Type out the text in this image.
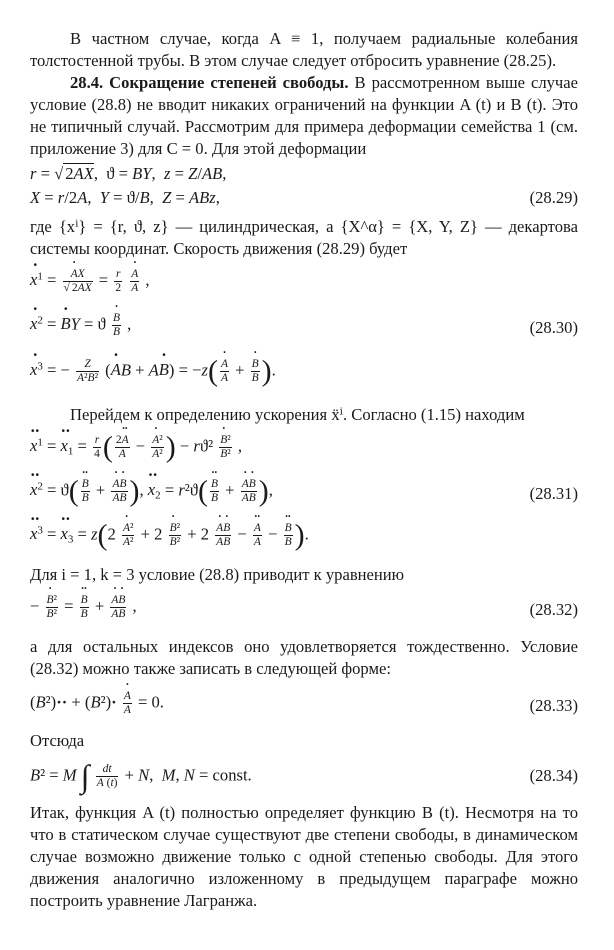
В частном случае, когда A ≡ 1, получаем радиальные колебания толстостенной трубы. В этом случае следует отбросить уравнение (28.25).

28.4. Сокращение степеней свободы. В рассмотренном выше случае условие (28.8) не вводит никаких ограничений на функции A (t) и B (t). Это не типичный случай. Рассмотрим для примера деформации семейства 1 (см. приложение 3) для C = 0. Для этой деформации

r = √ 2AX,  ϑ = BY,  z = Z/AB,
X = r/2A,  Y = ϑ/B,  Z = ABz,	(28.29)

где {xⁱ} = {r, ϑ, z} — цилиндрическая, а {X^α} = {X, Y, Z} — декартова системы координат. Скорость движения (28.29) будет

· $x^1$ =
· $\frac{AX}{√ 2AX} = \frac{r}{2}$

· $\frac{A}{A}$ ,
· $x^2$ = · BY = ϑ
· $\frac{B}{B}$ ,	(28.30)
· $x^3$ = − $\frac{Z}{\text{A²B²}}$ (· AB + A· B) = −z(
· $\frac{A}{A}$ +
· $\frac{B}{B}$ ).

Перейдем к определению ускорения ẍⁱ. Согласно (1.15) находим

·· $x^1$ = ·· $x_1 = \frac{r}{4}$ ( $\frac{2\cdot\cdot A}{A}$ −
· $\frac{\text{A²}}{\text{A²}}$ ) − rϑ²
· $\frac{\text{B²}}{\text{B²}}$ ,
·· $x^2 = ϑ$(
·· $\frac{B}{B}$ +
· $\frac{A\cdot B}{AB}$ ), ·· $x_2 = r^2ϑ$(
·· $\frac{B}{B}$ +
· $\frac{A\cdot B}{AB}$ ),	(28.31)
·· $x^3$ = ·· $x_3 = z(2$
· $\frac{\text{A²}}{\text{A²}} + 2$
· $\frac{\text{B²}}{\text{B²}} + 2$
· $\frac{A\cdot B}{AB}$ −
·· $\frac{A}{A}$ −
·· $\frac{B}{B}$ ).

Для i = 1, k = 3 условие (28.8) приводит к уравнению

−
· $\frac{\text{B²}}{\text{B²}}$ =
·· $\frac{B}{B}$ +
· $\frac{A\cdot B}{AB}$ ,	(28.32)

а для остальных индексов оно удовлетворяется тождественно. Условие (28.32) можно также записать в следующей форме:

(B²)·· + (B²)·
· $\frac{A}{A} = 0$.	(28.33)

Отсюда

B² = M ∫ $\frac{dt}{A (t)} + N$,  M, N = const.	(28.34)

Итак, функция A (t) полностью определяет функцию B (t). Несмотря на то что в статическом случае существуют две степени свободы, в динамическом случае возможно движение только с одной степенью свободы. Для этого движения аналогично изложенному в предыдущем параграфе можно построить уравнение Лагранжа.
